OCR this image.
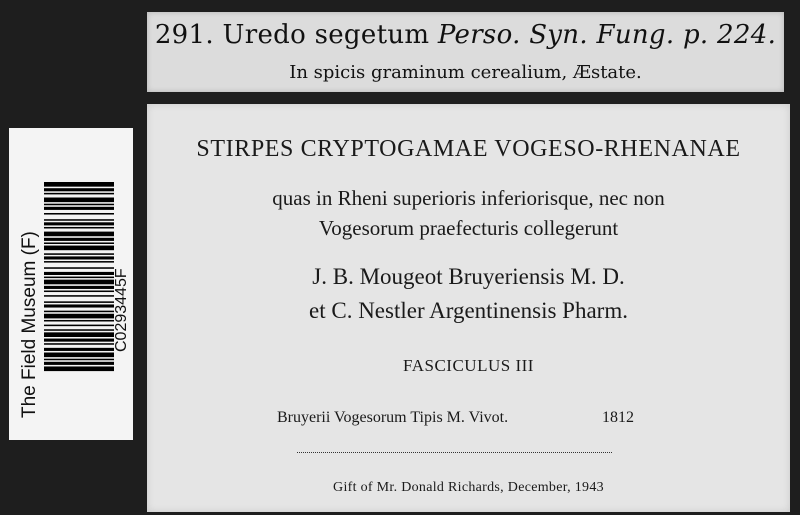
291. Uredo segetum Perso. Syn. Fung. p. 224.
In spicis graminum cerealium, Æstate.
STIRPES CRYPTOGAMAE VOGESO-RHENANAE
quas in Rheni superioris inferiorisque, nec non
Vogesorum praefecturis collegerunt
J. B. Mougeot Bruyeriensis M. D.
et C. Nestler Argentinensis Pharm.
FASCICULUS III
Bruyerii Vogesorum Tipis M. Vivot.	1812
Gift of Mr. Donald Richards, December, 1943
The Field Museum (F)	C0293445F
